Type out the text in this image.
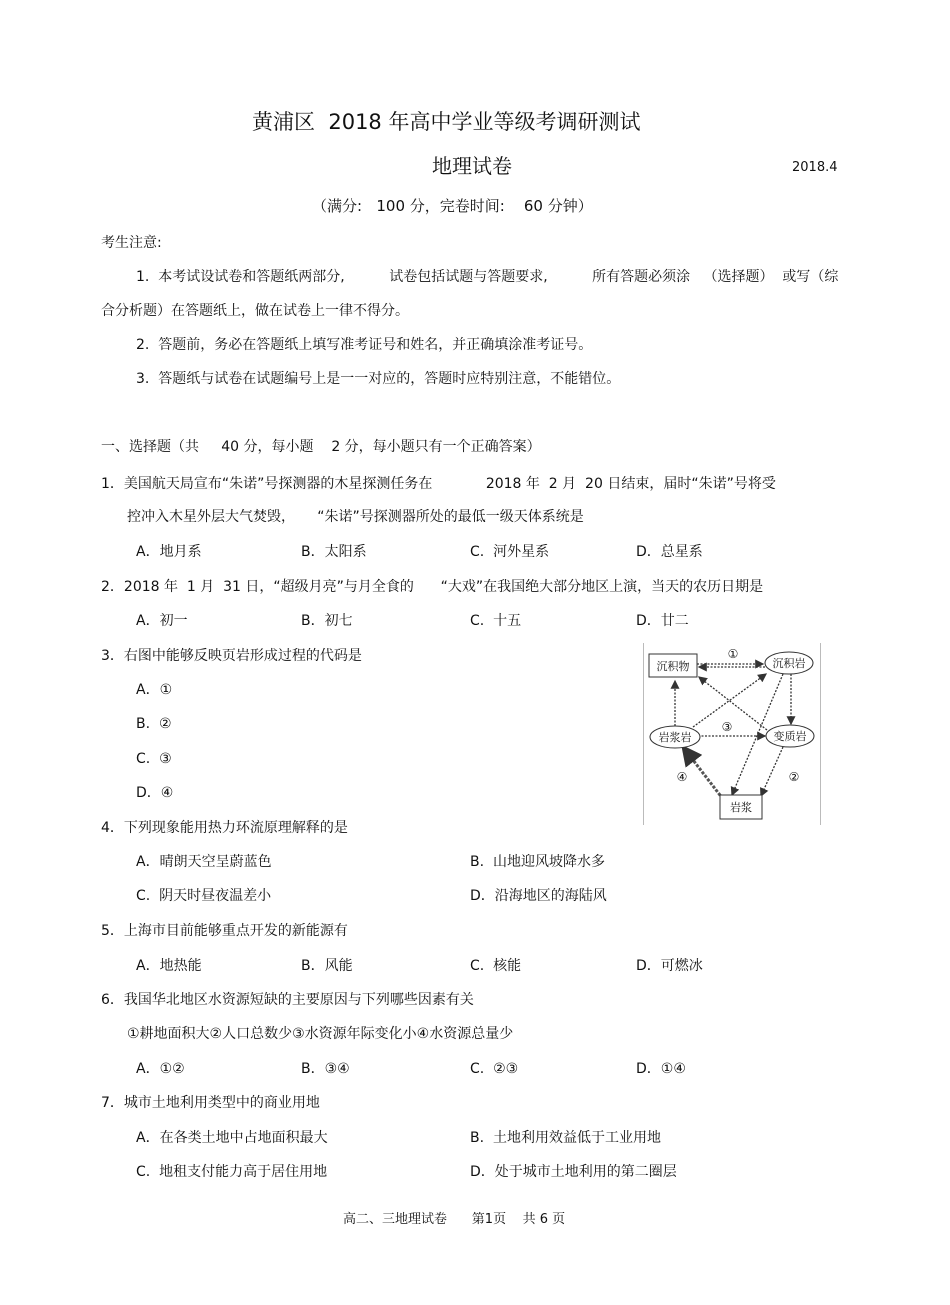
黄浦区  2018 年高中学业等级考调研测试
地理试卷	2018.4
（满分:   100 分，完卷时间:    60 分钟）
考生注意:
1.  本考试设试卷和答题纸两部分,          试卷包括试题与答题要求,          所有答题必须涂   （选择题）  或写（综
合分析题）在答题纸上，做在试卷上一律不得分。
2.  答题前，务必在答题纸上填写准考证号和姓名，并正确填涂准考证号。
3.  答题纸与试卷在试题编号上是一一对应的，答题时应特别注意，不能错位。
一、选择题（共     40 分，每小题    2 分，每小题只有一个正确答案）
1．美国航天局宣布“朱诺”号探测器的木星探测任务在            2018 年  2 月  20 日结束，届时“朱诺”号将受
控冲入木星外层大气焚毁，     “朱诺”号探测器所处的最低一级天体系统是
A．地月系	B．太阳系	C.  河外星系	D．总星系
2．2018 年  1 月  31 日，“超级月亮”与月全食的      “大戏”在我国绝大部分地区上演，当天的农历日期是
A．初一	B．初七	C.  十五	D．廿二
3．右图中能够反映页岩形成过程的代码是
A．①
B.  ②
C.  ③
D．④
沉积物	沉积岩
岩浆岩	变质岩
岩浆
①
②
③
④
4．下列现象能用热力环流原理解释的是
A．晴朗天空呈蔚蓝色	B.  山地迎风坡降水多
C.  阴天时昼夜温差小	D．沿海地区的海陆风
5．上海市目前能够重点开发的新能源有
A．地热能	B．风能	C.  核能	D．可燃冰
6．我国华北地区水资源短缺的主要原因与下列哪些因素有关
①耕地面积大②人口总数少③水资源年际变化小④水资源总量少
A．①②	B．③④	C.  ②③	D．①④
7．城市土地利用类型中的商业用地
A．在各类土地中占地面积最大	B.  土地利用效益低于工业用地
C.  地租支付能力高于居住用地	D．处于城市土地利用的第二圈层
高二、三地理试卷      第1页    共 6 页
